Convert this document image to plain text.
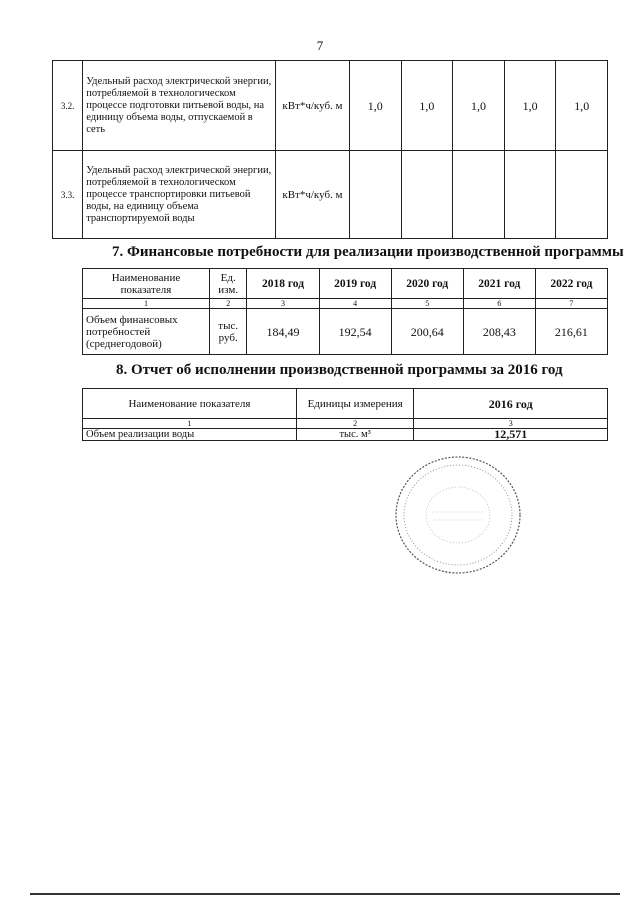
7
3.2.	Удельный расход электрической энергии, потребляемой в технологическом процессе подготовки питьевой воды, на единицу объема воды, отпускаемой в сеть	кВт*ч/куб. м	1,0	1,0	1,0	1,0	1,0
3.3.	Удельный расход электрической энергии, потребляемой в технологическом процессе транспортировки питьевой воды, на единицу объема транспортируемой воды	кВт*ч/куб. м					
7. Финансовые потребности для реализации производственной программы
Наименование показателя	Ед. изм.	2018 год	2019 год	2020 год	2021 год	2022 год
1	2	3	4	5	6	7
Объем финансовых потребностей (среднегодовой)	тыс. руб.	184,49	192,54	200,64	208,43	216,61
8. Отчет об исполнении производственной программы за 2016 год
Наименование показателя	Единицы измерения	2016 год
1	2	3
Объем реализации воды	тыс. м³	12,571
